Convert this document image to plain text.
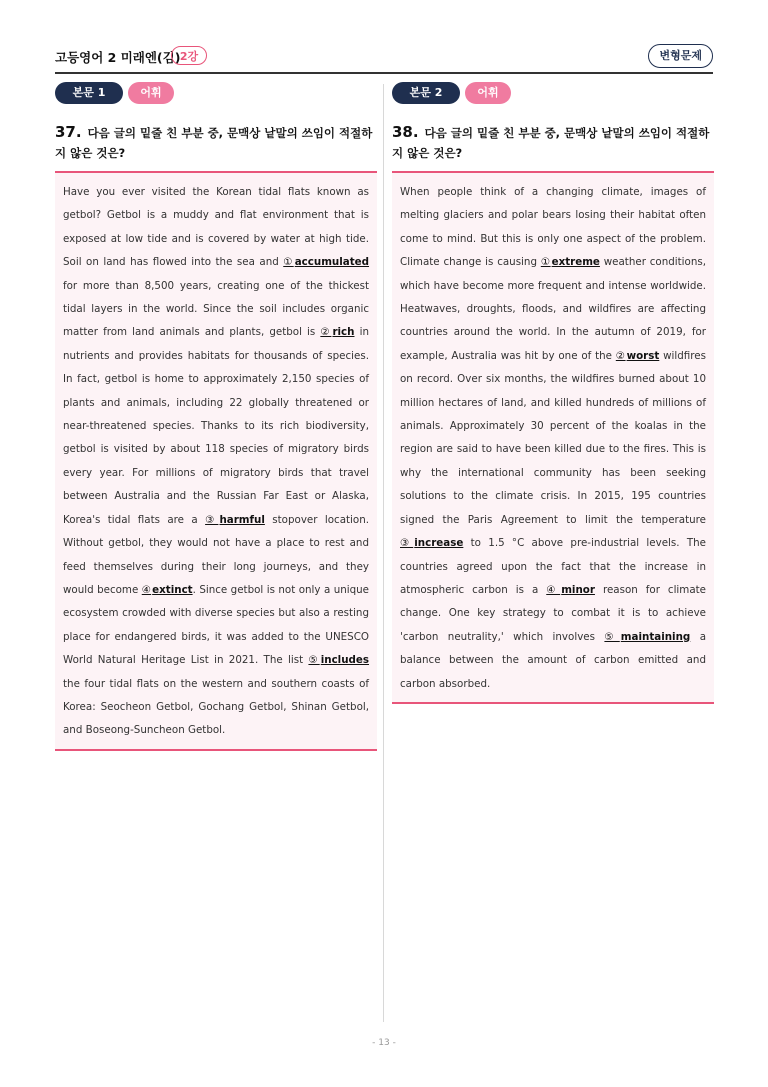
고등영어 2 미래엔(김) 2강	변형문제
본문 1	어휘
37. 다음 글의 밑줄 친 부분 중, 문맥상 낱말의 쓰임이 적절하지 않은 것은?
Have you ever visited the Korean tidal flats known as getbol? Getbol is a muddy and flat environment that is exposed at low tide and is covered by water at high tide. Soil on land has flowed into the sea and ①accumulated for more than 8,500 years, creating one of the thickest tidal layers in the world. Since the soil includes organic matter from land animals and plants, getbol is ②rich in nutrients and provides habitats for thousands of species. In fact, getbol is home to approximately 2,150 species of plants and animals, including 22 globally threatened or near-threatened species. Thanks to its rich biodiversity, getbol is visited by about 118 species of migratory birds every year. For millions of migratory birds that travel between Australia and the Russian Far East or Alaska, Korea's tidal flats are a ③harmful stopover location. Without getbol, they would not have a place to rest and feed themselves during their long journeys, and they would become ④extinct. Since getbol is not only a unique ecosystem crowded with diverse species but also a resting place for endangered birds, it was added to the UNESCO World Natural Heritage List in 2021. The list ⑤includes the four tidal flats on the western and southern coasts of Korea: Seocheon Getbol, Gochang Getbol, Shinan Getbol, and Boseong-Suncheon Getbol.
본문 2	어휘
38. 다음 글의 밑줄 친 부분 중, 문맥상 낱말의 쓰임이 적절하지 않은 것은?
When people think of a changing climate, images of melting glaciers and polar bears losing their habitat often come to mind. But this is only one aspect of the problem. Climate change is causing ①extreme weather conditions, which have become more frequent and intense worldwide. Heatwaves, droughts, floods, and wildfires are affecting countries around the world. In the autumn of 2019, for example, Australia was hit by one of the ②worst wildfires on record. Over six months, the wildfires burned about 10 million hectares of land, and killed hundreds of millions of animals. Approximately 30 percent of the koalas in the region are said to have been killed due to the fires. This is why the international community has been seeking solutions to the climate crisis. In 2015, 195 countries signed the Paris Agreement to limit the temperature ③increase to 1.5 °C above pre-industrial levels. The countries agreed upon the fact that the increase in atmospheric carbon is a ④minor reason for climate change. One key strategy to combat it is to achieve 'carbon neutrality,' which involves ⑤maintaining a balance between the amount of carbon emitted and carbon absorbed.
- 13 -
